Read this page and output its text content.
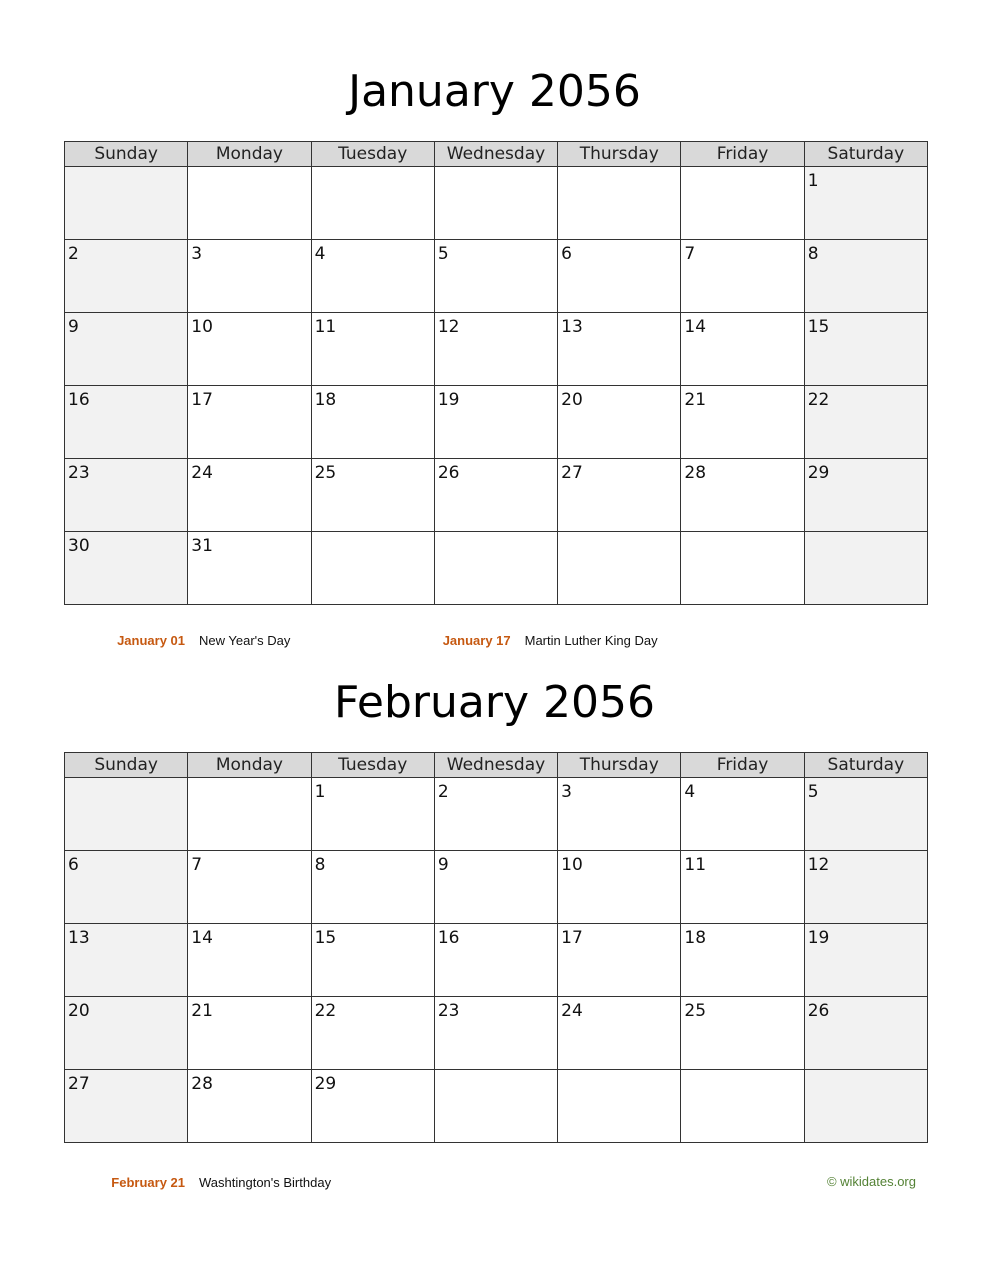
January 2056
Sunday	Monday	Tuesday	Wednesday	Thursday	Friday	Saturday

						1

2	3	4	5	6	7	8

9	10	11	12	13	14	15

16	17	18	19	20	21	22

23	24	25	26	27	28	29

30	31					

January 01 New Year's Day	January 17 Martin Luther King Day
February 2056
Sunday	Monday	Tuesday	Wednesday	Thursday	Friday	Saturday

		1	2	3	4	5

6	7	8	9	10	11	12

13	14	15	16	17	18	19

20	21	22	23	24	25	26

27	28	29				

February 21 Washtington's Birthday	© wikidates.org
